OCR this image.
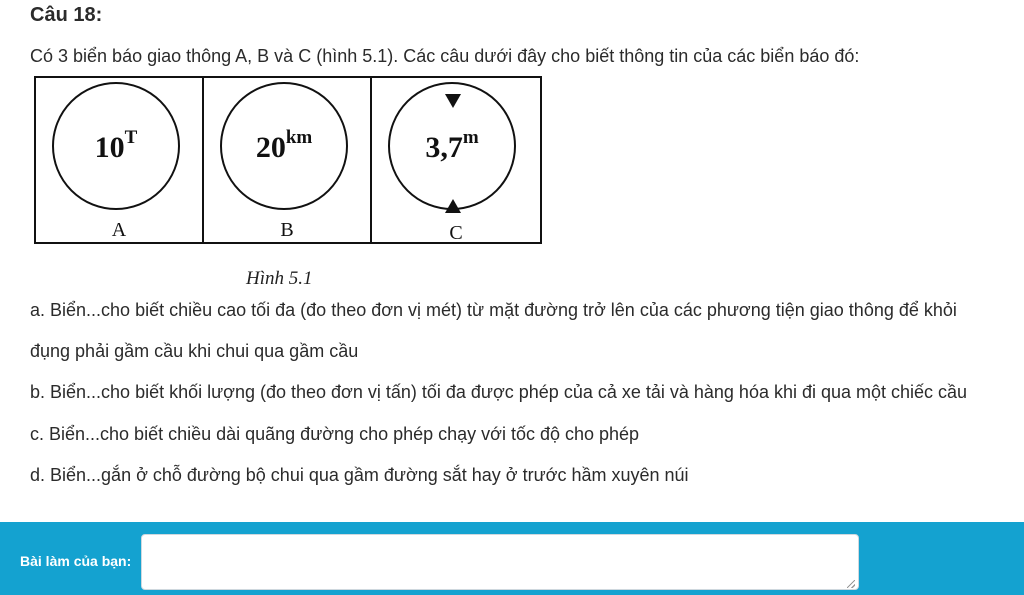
Câu 18:
Có 3 biển báo giao thông A, B và C (hình 5.1). Các câu dưới đây cho biết thông tin của các biển báo đó:
$10^T$
A
$20^{km}$
B
3,7$^m$
C
Hình 5.1
a. Biển...cho biết chiều cao tối đa (đo theo đơn vị mét) từ mặt đường trở lên của các phương tiện giao thông để khỏi
đụng phải gầm cầu khi chui qua gầm cầu
b. Biển...cho biết khối lượng (đo theo đơn vị tấn) tối đa được phép của cả xe tải và hàng hóa khi đi qua một chiếc cầu
c. Biển...cho biết chiều dài quãng đường cho phép chạy với tốc độ cho phép
d. Biển...gắn ở chỗ đường bộ chui qua gầm đường sắt hay ở trước hầm xuyên núi
Bài làm của bạn:
